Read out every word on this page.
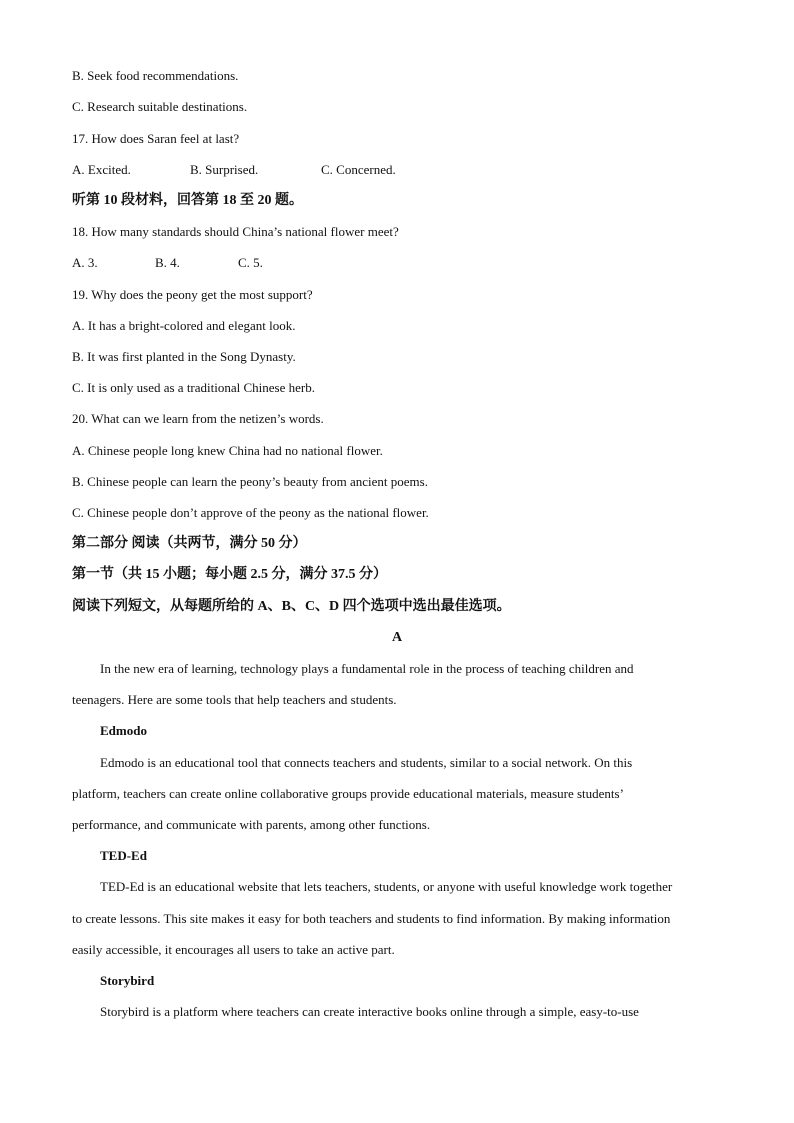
B. Seek food recommendations.
C. Research suitable destinations.
17. How does Saran feel at last?
A. Excited.	B. Surprised.	C. Concerned.
听第 10 段材料，回答第 18 至 20 题。
18. How many standards should China’s national flower meet?
A. 3.	B. 4.	C. 5.
19. Why does the peony get the most support?
A. It has a bright-colored and elegant look.
B. It was first planted in the Song Dynasty.
C. It is only used as a traditional Chinese herb.
20. What can we learn from the netizen’s words.
A. Chinese people long knew China had no national flower.
B. Chinese people can learn the peony’s beauty from ancient poems.
C. Chinese people don’t approve of the peony as the national flower.
第二部分 阅读（共两节，满分 50 分）
第一节（共 15 小题；每小题 2.5 分，满分 37.5 分）
阅读下列短文，从每题所给的 A、B、C、D 四个选项中选出最佳选项。
A
In the new era of learning, technology plays a fundamental role in the process of teaching children and
teenagers. Here are some tools that help teachers and students.
Edmodo
Edmodo is an educational tool that connects teachers and students, similar to a social network. On this
platform, teachers can create online collaborative groups provide educational materials, measure students’
performance, and communicate with parents, among other functions.
TED-Ed
TED-Ed is an educational website that lets teachers, students, or anyone with useful knowledge work together
to create lessons. This site makes it easy for both teachers and students to find information. By making information
easily accessible, it encourages all users to take an active part.
Storybird
Storybird is a platform where teachers can create interactive books online through a simple, easy-to-use
